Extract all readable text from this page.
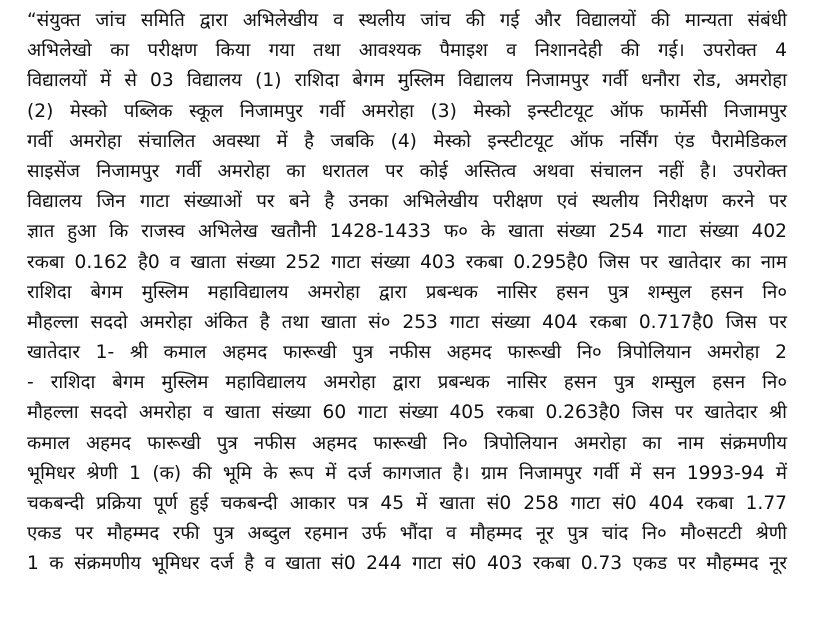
“संयुक्त जांच समिति द्वारा अभिलेखीय व स्थलीय जांच की गई और विद्यालयों की मान्यता संबंधी
अभिलेखो का परीक्षण किया गया तथा आवश्यक पैमाइश व निशानदेही की गई। उपरोक्त 4
विद्यालयों में से 03 विद्यालय (1) राशिदा बेगम मुस्लिम विद्यालय निजामपुर गर्वी धनौरा रोड, अमरोहा
(2) मेस्को पब्लिक स्कूल निजामपुर गर्वी अमरोहा (3) मेस्को इन्स्टीटयूट ऑफ फार्मेसी निजामपुर
गर्वी अमरोहा संचालित अवस्था में है जबकि (4) मेस्को इन्स्टीटयूट ऑफ नर्सिंग एंड पैरामेडिकल
साइसेंज निजामपुर गर्वी अमरोहा का धरातल पर कोई अस्तित्व अथवा संचालन नहीं है। उपरोक्त
विद्यालय जिन गाटा संख्याओं पर बने है उनका अभिलेखीय परीक्षण एवं स्थलीय निरीक्षण करने पर
ज्ञात हुआ कि राजस्व अभिलेख खतौनी 1428-1433 फ० के खाता संख्या 254 गाटा संख्या 402
रकबा 0.162 है0 व खाता संख्या 252 गाटा संख्या 403 रकबा 0.295है0 जिस पर खातेदार का नाम
राशिदा बेगम मुस्लिम महाविद्यालय अमरोहा द्वारा प्रबन्धक नासिर हसन पुत्र शम्सुल हसन नि०
मौहल्ला सददो अमरोहा अंकित है तथा खाता सं० 253 गाटा संख्या 404 रकबा 0.717है0 जिस पर
खातेदार 1- श्री कमाल अहमद फारूखी पुत्र नफीस अहमद फारूखी नि० त्रिपोलियान अमरोहा 2
- राशिदा बेगम मुस्लिम महाविद्यालय अमरोहा द्वारा प्रबन्धक नासिर हसन पुत्र शम्सुल हसन नि०
मौहल्ला सददो अमरोहा व खाता संख्या 60 गाटा संख्या 405 रकबा 0.263है0 जिस पर खातेदार श्री
कमाल अहमद फारूखी पुत्र नफीस अहमद फारूखी नि० त्रिपोलियान अमरोहा का नाम संक्रमणीय
भूमिधर श्रेणी 1 (क) की भूमि के रूप में दर्ज कागजात है। ग्राम निजामपुर गर्वी में सन 1993-94 में
चकबन्दी प्रक्रिया पूर्ण हुई चकबन्दी आकार पत्र 45 में खाता सं0 258 गाटा सं0 404 रकबा 1.77
एकड पर मौहम्मद रफी पुत्र अब्दुल रहमान उर्फ भौंदा व मौहम्मद नूर पुत्र चांद नि० मौ०सटटी श्रेणी
1 क संक्रमणीय भूमिधर दर्ज है व खाता सं0 244 गाटा सं0 403 रकबा 0.73 एकड पर मौहम्मद नूर
